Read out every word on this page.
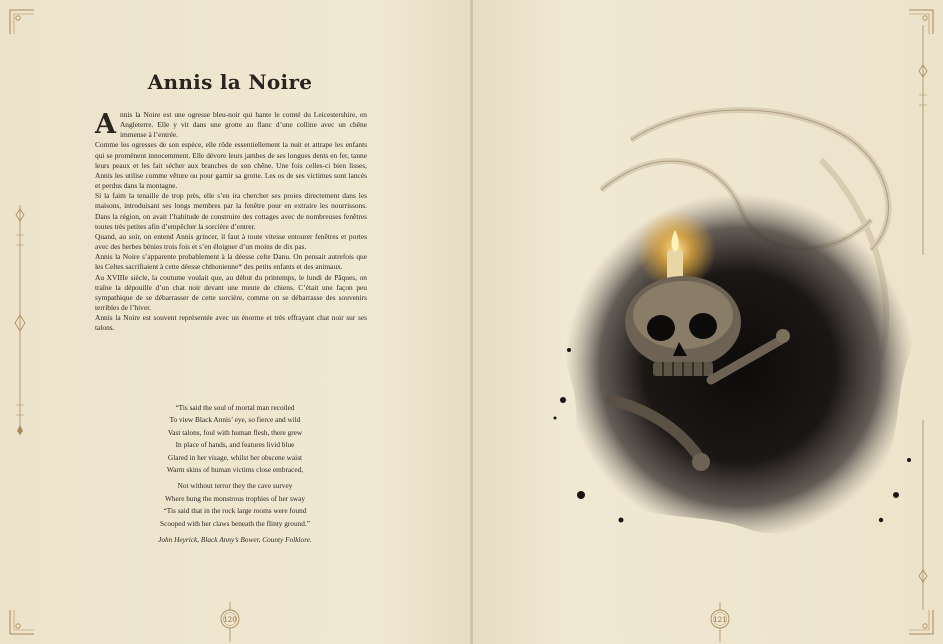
Annis la Noire

Annis la Noire est une ogresse bleu-noir qui hante le comté du Leicestershire, en Angleterre. Elle y vit dans une grotte au flanc d’une colline avec un chêne immense à l’entrée.

Comme les ogresses de son espèce, elle rôde essentiellement la nuit et attrape les enfants qui se promènent innocemment. Elle dévore leurs jambes de ses longues dents en fer, tanne leurs peaux et les fait sécher aux branches de son chêne. Une fois celles-ci bien lisses, Annis les utilise comme vêture ou pour garnir sa grotte. Les os de ses victimes sont lancés et perdus dans la montagne.

Si la faim la tenaille de trop près, elle s’en ira chercher ses proies directement dans les maisons, introduisant ses longs membres par la fenêtre pour en extraire les nourrissons. Dans la région, on avait l’habitude de construire des cottages avec de nombreuses fenêtres toutes très petites afin d’empêcher la sorcière d’entrer.

Quand, au soir, on entend Annis grincer, il faut à toute vitesse entourer fenêtres et portes avec des herbes bénies trois fois et s’en éloigner d’un moins de dix pas.

Annis la Noire s’apparente probablement à la déesse celte Danu. On pensait autrefois que les Celtes sacrifiaient à cette déesse chthonienne* des petits enfants et des animaux.

Au XVIIIe siècle, la coutume voulait que, au début du printemps, le lundi de Pâques, on traîne la dépouille d’un chat noir devant une meute de chiens. C’était une façon peu sympathique de se débarrasser de cette sorcière, comme on se débarrasse des souvenirs terribles de l’hiver.

Annis la Noire est souvent représentée avec un énorme et très effrayant chat noir sur ses talons.

“Tis said the soul of mortal man recoiled
To view Black Annis’ eye, so fierce and wild
Vast talons, foul with human flesh, there grew
In place of hands, and features livid blue
Glared in her visage, whilst her obscene waist
Warm skins of human victims close embraced,
Not without terror they the cave survey
Where hung the monstrous trophies of her sway
“Tis said that in the rock large rooms were found
Scooped with her claws beneath the flinty ground.”
John Heyrick, Black Anny’s Bower, County Folklore.
120	121
